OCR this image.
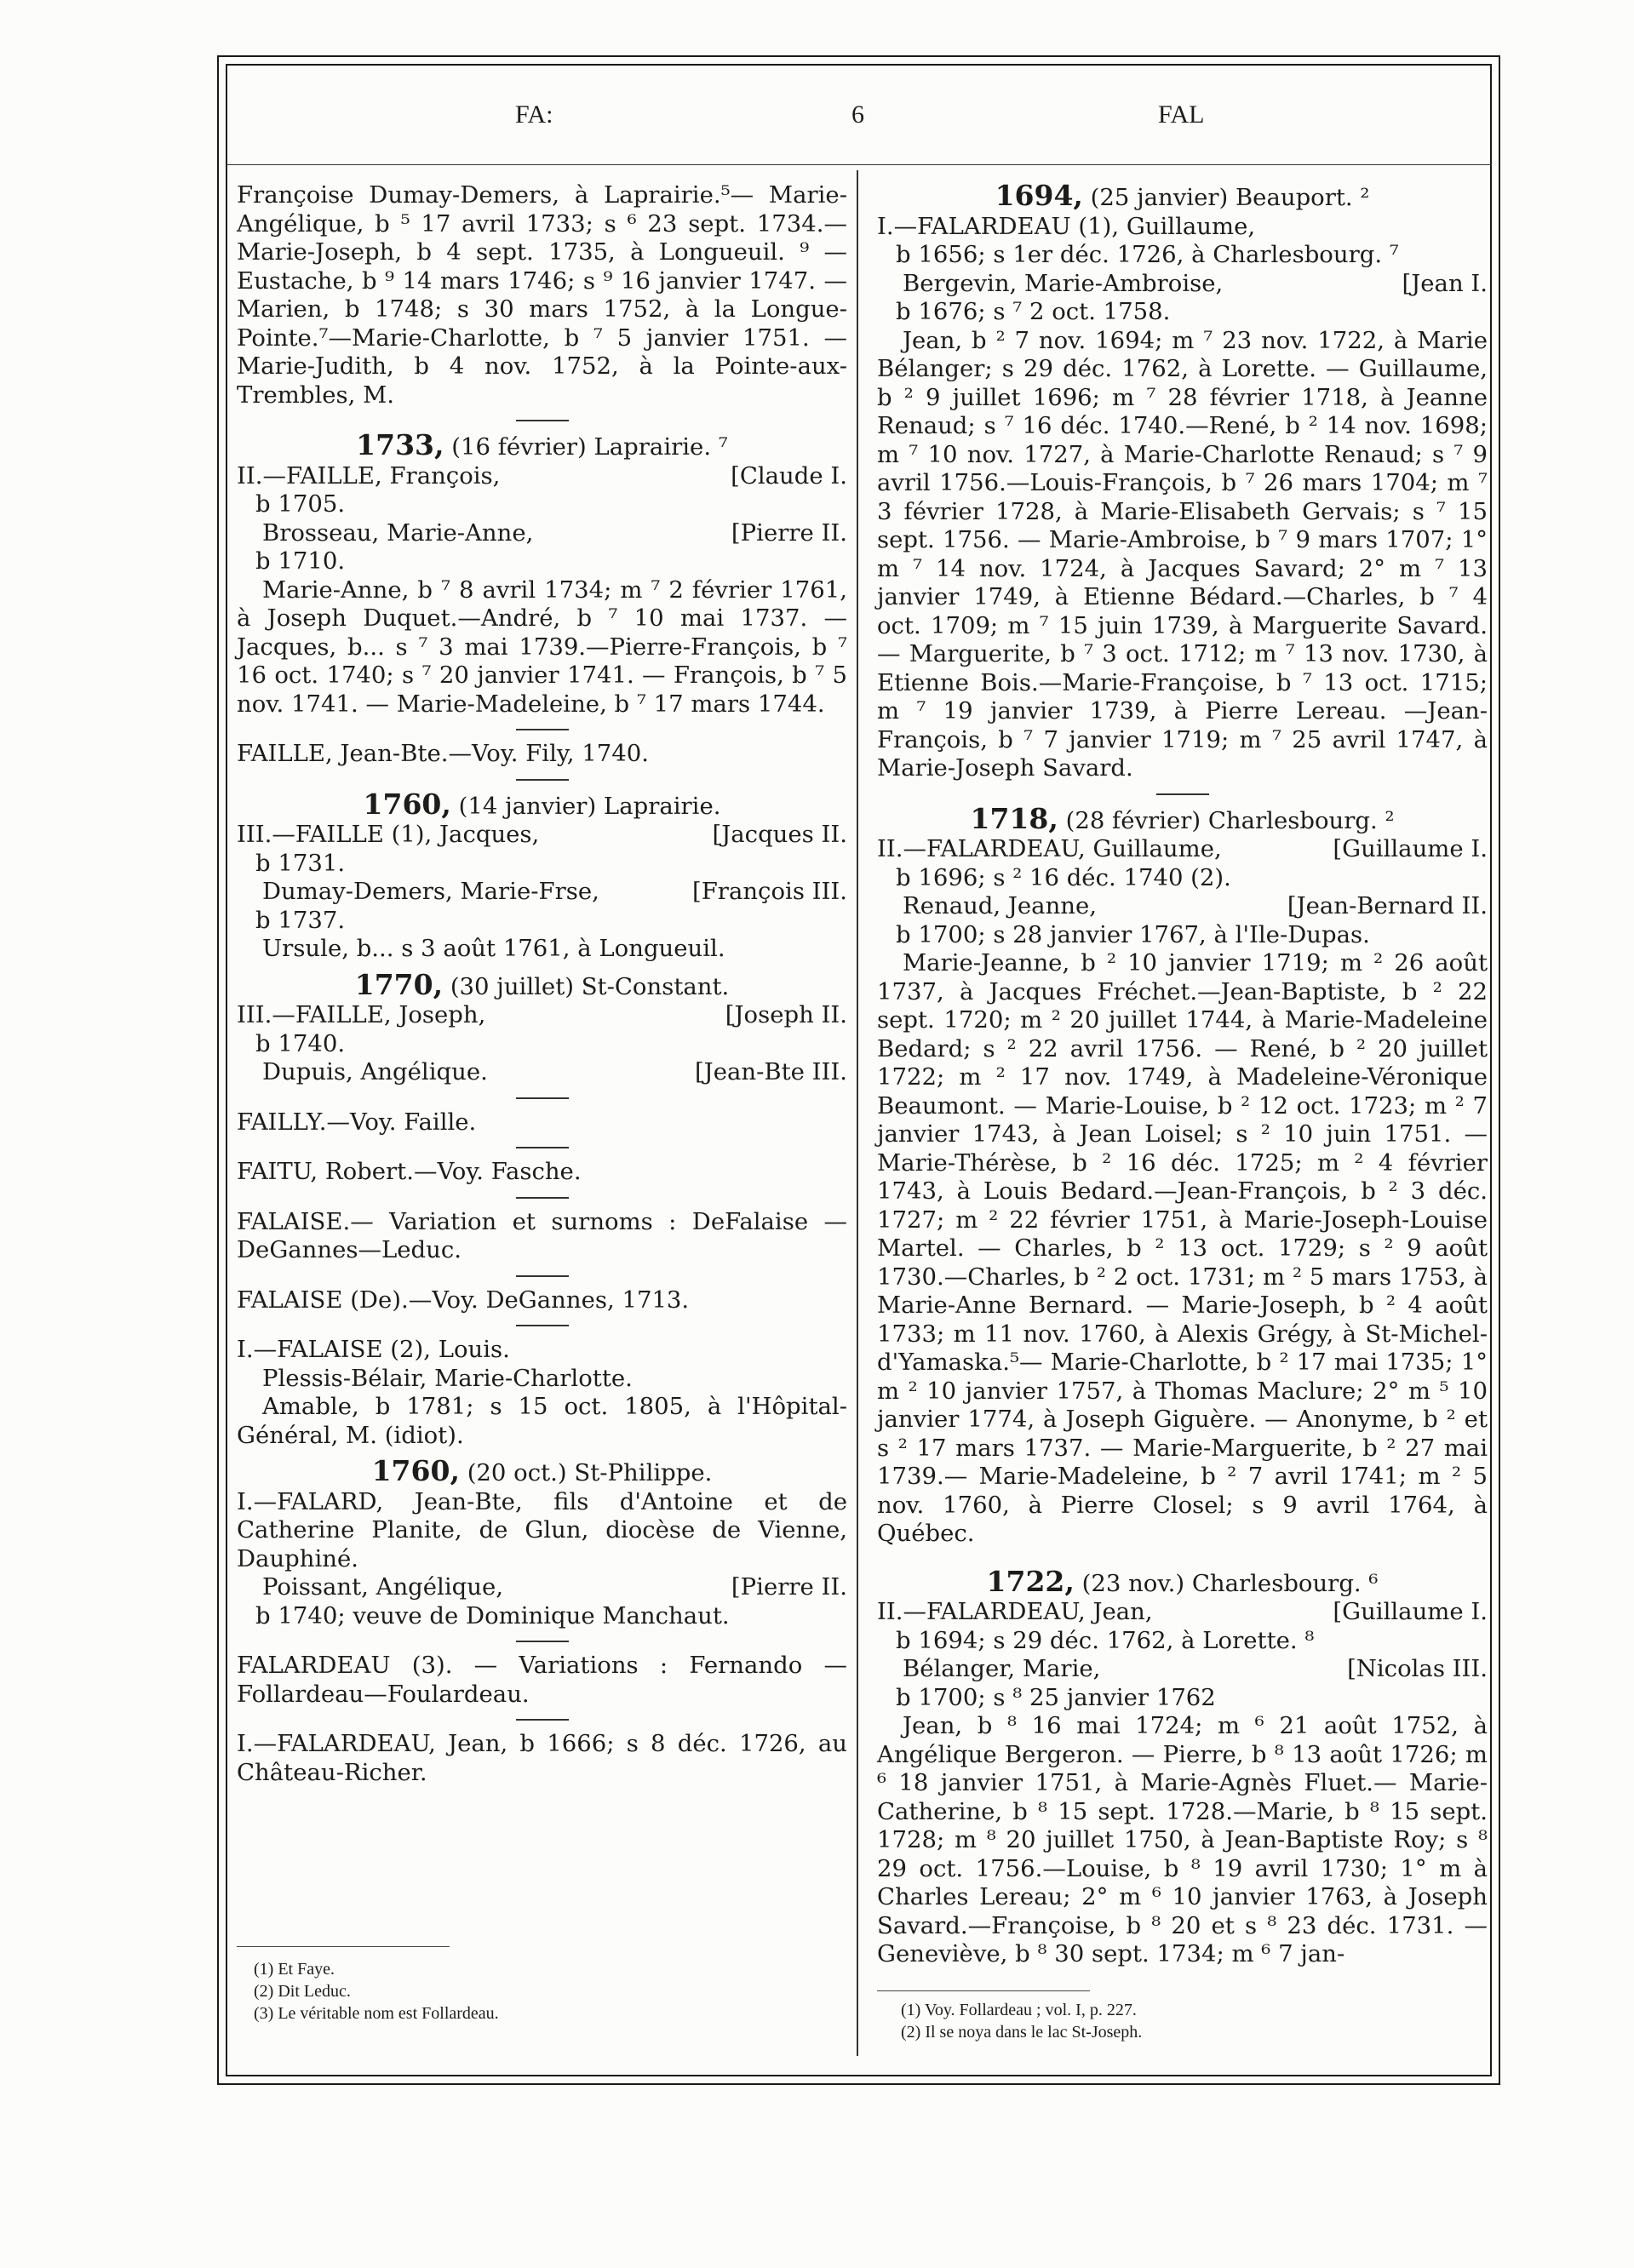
FA:	6	FAL

Françoise Dumay-Demers, à Laprairie.⁵— Marie-Angélique, b ⁵ 17 avril 1733; s ⁶ 23 sept. 1734.—Marie-Joseph, b 4 sept. 1735, à Longueuil. ⁹ — Eustache, b ⁹ 14 mars 1746; s ⁹ 16 janvier 1747. —Marien, b 1748; s 30 mars 1752, à la Longue-Pointe.⁷—Marie-Charlotte, b ⁷ 5 janvier 1751. — Marie-Judith, b 4 nov. 1752, à la Pointe-aux-Trembles, M.

1733, (16 février) Laprairie. ⁷
II.—FAILLE, François,	[Claude I.
b 1705.
Brosseau, Marie-Anne,	[Pierre II.
b 1710.

Marie-Anne, b ⁷ 8 avril 1734; m ⁷ 2 février 1761, à Joseph Duquet.—André, b ⁷ 10 mai 1737. —Jacques, b... s ⁷ 3 mai 1739.—Pierre-François, b ⁷ 16 oct. 1740; s ⁷ 20 janvier 1741. — François, b ⁷ 5 nov. 1741. — Marie-Madeleine, b ⁷ 17 mars 1744.

FAILLE, Jean-Bte.—Voy. Fily, 1740.

1760, (14 janvier) Laprairie.
III.—FAILLE (1), Jacques,	[Jacques II.
b 1731.
Dumay-Demers, Marie-Frse,	[François III.
b 1737.

Ursule, b... s 3 août 1761, à Longueuil.

1770, (30 juillet) St-Constant.
III.—FAILLE, Joseph,	[Joseph II.
b 1740.
Dupuis, Angélique.	[Jean-Bte III.

FAILLY.—Voy. Faille.

FAITU, Robert.—Voy. Fasche.

FALAISE.— Variation et surnoms : DeFalaise —DeGannes—Leduc.

FALAISE (De).—Voy. DeGannes, 1713.

I.—FALAISE (2), Louis.

Plessis-Bélair, Marie-Charlotte.

Amable, b 1781; s 15 oct. 1805, à l'Hôpital-Général, M. (idiot).

1760, (20 oct.) St-Philippe.

I.—FALARD, Jean-Bte, fils d'Antoine et de Catherine Planite, de Glun, diocèse de Vienne, Dauphiné.

Poissant, Angélique,	[Pierre II.
b 1740; veuve de Dominique Manchaut.

FALARDEAU (3). — Variations : Fernando — Follardeau—Foulardeau.

I.—FALARDEAU, Jean, b 1666; s 8 déc. 1726, au Château-Richer.

1694, (25 janvier) Beauport. ²

I.—FALARDEAU (1), Guillaume,

b 1656; s 1er déc. 1726, à Charlesbourg. ⁷
Bergevin, Marie-Ambroise,	[Jean I.
b 1676; s ⁷ 2 oct. 1758.

Jean, b ² 7 nov. 1694; m ⁷ 23 nov. 1722, à Marie Bélanger; s 29 déc. 1762, à Lorette. — Guillaume, b ² 9 juillet 1696; m ⁷ 28 février 1718, à Jeanne Renaud; s ⁷ 16 déc. 1740.—René, b ² 14 nov. 1698; m ⁷ 10 nov. 1727, à Marie-Charlotte Renaud; s ⁷ 9 avril 1756.—Louis-François, b ⁷ 26 mars 1704; m ⁷ 3 février 1728, à Marie-Elisabeth Gervais; s ⁷ 15 sept. 1756. — Marie-Ambroise, b ⁷ 9 mars 1707; 1° m ⁷ 14 nov. 1724, à Jacques Savard; 2° m ⁷ 13 janvier 1749, à Etienne Bédard.—Charles, b ⁷ 4 oct. 1709; m ⁷ 15 juin 1739, à Marguerite Savard. — Marguerite, b ⁷ 3 oct. 1712; m ⁷ 13 nov. 1730, à Etienne Bois.—Marie-Françoise, b ⁷ 13 oct. 1715; m ⁷ 19 janvier 1739, à Pierre Lereau. —Jean-François, b ⁷ 7 janvier 1719; m ⁷ 25 avril 1747, à Marie-Joseph Savard.

1718, (28 février) Charlesbourg. ²
II.—FALARDEAU, Guillaume,	[Guillaume I.
b 1696; s ² 16 déc. 1740 (2).
Renaud, Jeanne,	[Jean-Bernard II.
b 1700; s 28 janvier 1767, à l'Ile-Dupas.

Marie-Jeanne, b ² 10 janvier 1719; m ² 26 août 1737, à Jacques Fréchet.—Jean-Baptiste, b ² 22 sept. 1720; m ² 20 juillet 1744, à Marie-Madeleine Bedard; s ² 22 avril 1756. — René, b ² 20 juillet 1722; m ² 17 nov. 1749, à Madeleine-Véronique Beaumont. — Marie-Louise, b ² 12 oct. 1723; m ² 7 janvier 1743, à Jean Loisel; s ² 10 juin 1751. —Marie-Thérèse, b ² 16 déc. 1725; m ² 4 février 1743, à Louis Bedard.—Jean-François, b ² 3 déc. 1727; m ² 22 février 1751, à Marie-Joseph-Louise Martel. — Charles, b ² 13 oct. 1729; s ² 9 août 1730.—Charles, b ² 2 oct. 1731; m ² 5 mars 1753, à Marie-Anne Bernard. — Marie-Joseph, b ² 4 août 1733; m 11 nov. 1760, à Alexis Grégy, à St-Michel-d'Yamaska.⁵— Marie-Charlotte, b ² 17 mai 1735; 1° m ² 10 janvier 1757, à Thomas Maclure; 2° m ⁵ 10 janvier 1774, à Joseph Giguère. — Anonyme, b ² et s ² 17 mars 1737. — Marie-Marguerite, b ² 27 mai 1739.— Marie-Madeleine, b ² 7 avril 1741; m ² 5 nov. 1760, à Pierre Closel; s 9 avril 1764, à Québec.

1722, (23 nov.) Charlesbourg. ⁶
II.—FALARDEAU, Jean,	[Guillaume I.
b 1694; s 29 déc. 1762, à Lorette. ⁸
Bélanger, Marie,	[Nicolas III.
b 1700; s ⁸ 25 janvier 1762

Jean, b ⁸ 16 mai 1724; m ⁶ 21 août 1752, à Angélique Bergeron. — Pierre, b ⁸ 13 août 1726; m ⁶ 18 janvier 1751, à Marie-Agnès Fluet.— Marie-Catherine, b ⁸ 15 sept. 1728.—Marie, b ⁸ 15 sept. 1728; m ⁸ 20 juillet 1750, à Jean-Baptiste Roy; s ⁸ 29 oct. 1756.—Louise, b ⁸ 19 avril 1730; 1° m à Charles Lereau; 2° m ⁶ 10 janvier 1763, à Joseph Savard.—Françoise, b ⁸ 20 et s ⁸ 23 déc. 1731. — Geneviève, b ⁸ 30 sept. 1734; m ⁶ 7 jan-

(1) Et Faye.
(2) Dit Leduc.
(3) Le véritable nom est Follardeau.	(1) Voy. Follardeau ; vol. I, p. 227.
(2) Il se noya dans le lac St-Joseph.
